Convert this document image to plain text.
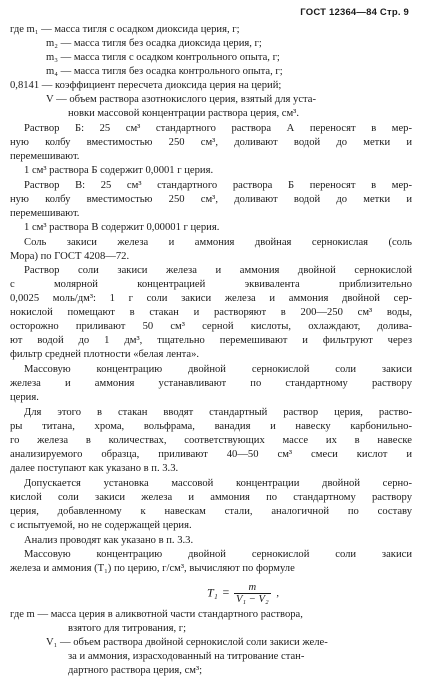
ГОСТ 12364—84 Стр. 9
где m₁ — масса тигля с осадком диоксида церия, г;
m₂ — масса тигля без осадка диоксида церия, г;
m₃ — масса тигля с осадком контрольного опыта, г;
m₄ — масса тигля без осадка контрольного опыта, г;
0,8141 — коэффициент пересчета диоксида церия на церий;
V — объем раствора азотнокислого церия, взятый для уста-
новки массовой концентрации раствора церия, см³.
Раствор Б: 25 см³ стандартного раствора А переносят в мер-
ную колбу вместимостью 250 см³, доливают водой до метки и
перемешивают.
1 см³ раствора Б содержит 0,0001 г церия.
Раствор В: 25 см³ стандартного раствора Б переносят в мер-
ную колбу вместимостью 250 см³, доливают водой до метки и
перемешивают.
1 см³ раствора В содержит 0,00001 г церия.
Соль закиси железа и аммония двойная сернокислая (соль
Мора) по ГОСТ 4208—72.
Раствор соли закиси железа и аммония двойной сернокислой
с молярной концентрацией эквивалента приблизительно
0,0025 моль/дм³: 1 г соли закиси железа и аммония двойной сер-
нокислой помещают в стакан и растворяют в 200—250 см³ воды,
осторожно приливают 50 см³ серной кислоты, охлаждают, долива-
ют водой до 1 дм³, тщательно перемешивают и фильтруют через
фильтр средней плотности «белая лента».
Массовую концентрацию двойной сернокислой соли закиси
железа и аммония устанавливают по стандартному раствору
церия.
Для этого в стакан вводят стандартный раствор церия, раство-
ры титана, хрома, вольфрама, ванадия и навеску карбонильно-
го железа в количествах, соответствующих массе их в навеске
анализируемого образца, приливают 40—50 см³ смеси кислот и
далее поступают как указано в п. 3.3.
Допускается установка массовой концентрации двойной серно-
кислой соли закиси железа и аммония по стандартному раствору
церия, добавленному к навескам стали, аналогичной по составу
с испытуемой, но не содержащей церия.
Анализ проводят как указано в п. 3.3.
Массовую концентрацию двойной сернокислой соли закиси
железа и аммония (T₁) по церию, г/см³, вычисляют по формуле
где m — масса церия в аликвотной части стандартного раствора,
взятого для титрования, г;
V₁ — объем раствора двойной сернокислой соли закиси желе-
за и аммония, израсходованный на титрование стан-
дартного раствора церия, см³;
$T_1 = \frac{m}{\text{V₁ − V₂}}$ ,
